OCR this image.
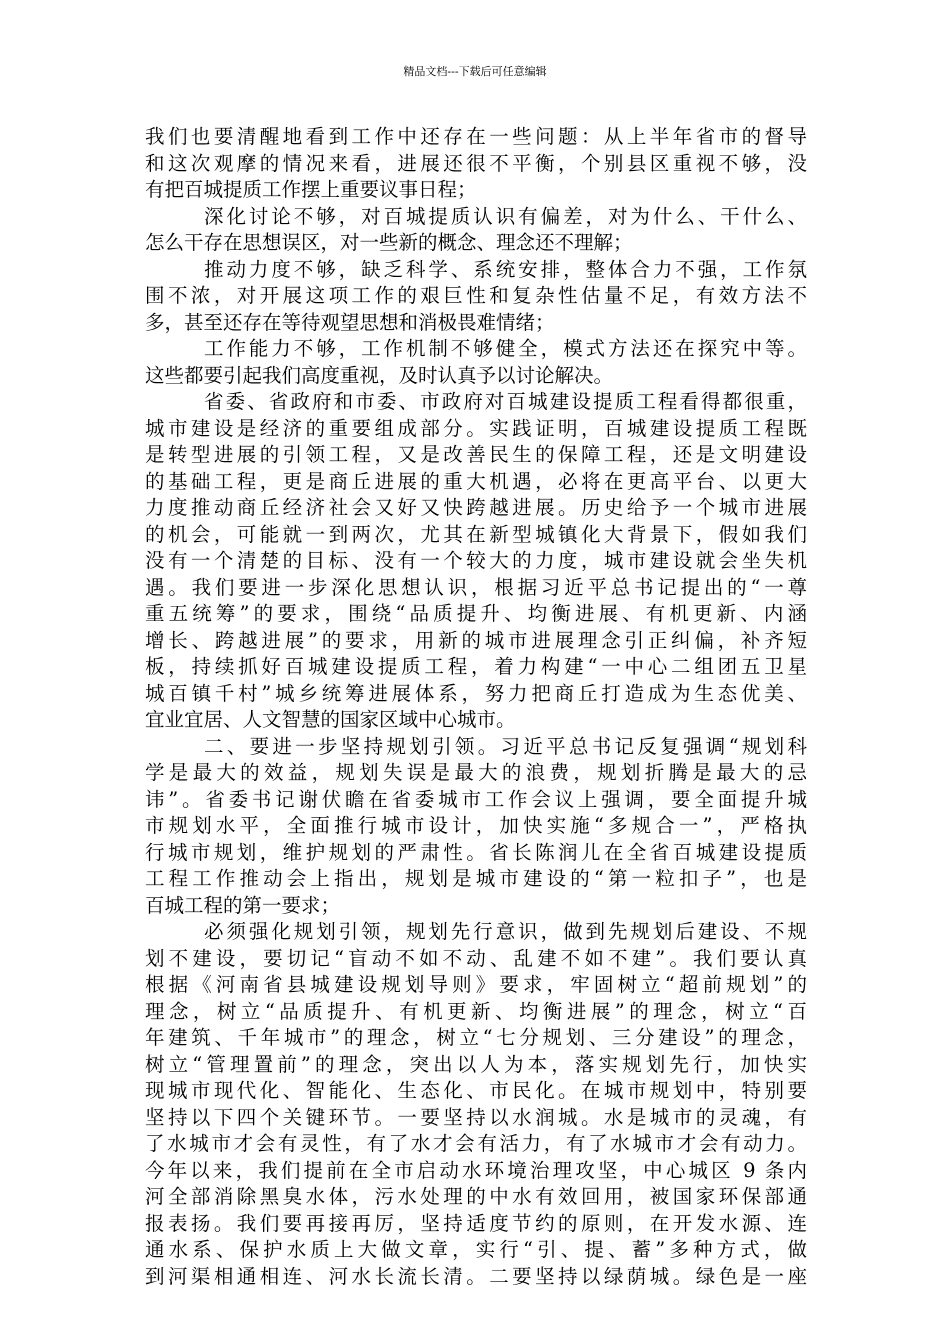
精品文档---下载后可任意编辑
我们也要清醒地看到工作中还存在一些问题：从上半年省市的督导
和这次观摩的情况来看，进展还很不平衡，个别县区重视不够，没
有把百城提质工作摆上重要议事日程；
深化讨论不够，对百城提质认识有偏差，对为什么、干什么、
怎么干存在思想误区，对一些新的概念、理念还不理解；
推动力度不够，缺乏科学、系统安排，整体合力不强，工作氛
围不浓，对开展这项工作的艰巨性和复杂性估量不足，有效方法不
多，甚至还存在等待观望思想和消极畏难情绪；
工作能力不够，工作机制不够健全，模式方法还在探究中等。
这些都要引起我们高度重视，及时认真予以讨论解决。
省委、省政府和市委、市政府对百城建设提质工程看得都很重，
城市建设是经济的重要组成部分。实践证明，百城建设提质工程既
是转型进展的引领工程，又是改善民生的保障工程，还是文明建设
的基础工程，更是商丘进展的重大机遇，必将在更高平台、以更大
力度推动商丘经济社会又好又快跨越进展。历史给予一个城市进展
的机会，可能就一到两次，尤其在新型城镇化大背景下，假如我们
没有一个清楚的目标、没有一个较大的力度，城市建设就会坐失机
遇。我们要进一步深化思想认识，根据习近平总书记提出的“一尊
重五统筹”的要求，围绕“品质提升、均衡进展、有机更新、内涵
增长、跨越进展”的要求，用新的城市进展理念引正纠偏，补齐短
板，持续抓好百城建设提质工程，着力构建“一中心二组团五卫星
城百镇千村”城乡统筹进展体系，努力把商丘打造成为生态优美、
宜业宜居、人文智慧的国家区域中心城市。
二、要进一步坚持规划引领。习近平总书记反复强调“规划科
学是最大的效益，规划失误是最大的浪费，规划折腾是最大的忌
讳”。省委书记谢伏瞻在省委城市工作会议上强调，要全面提升城
市规划水平，全面推行城市设计，加快实施“多规合一”，严格执
行城市规划，维护规划的严肃性。省长陈润儿在全省百城建设提质
工程工作推动会上指出，规划是城市建设的“第一粒扣子”，也是
百城工程的第一要求；
必须强化规划引领，规划先行意识，做到先规划后建设、不规
划不建设，要切记“盲动不如不动、乱建不如不建”。我们要认真
根据《河南省县城建设规划导则》要求，牢固树立“超前规划”的
理念，树立“品质提升、有机更新、均衡进展”的理念，树立“百
年建筑、千年城市”的理念，树立“七分规划、三分建设”的理念，
树立“管理置前”的理念，突出以人为本，落实规划先行，加快实
现城市现代化、智能化、生态化、市民化。在城市规划中，特别要
坚持以下四个关键环节。一要坚持以水润城。水是城市的灵魂，有
了水城市才会有灵性，有了水才会有活力，有了水城市才会有动力。
今年以来，我们提前在全市启动水环境治理攻坚，中心城区 9 条内
河全部消除黑臭水体，污水处理的中水有效回用，被国家环保部通
报表扬。我们要再接再厉，坚持适度节约的原则，在开发水源、连
通水系、保护水质上大做文章，实行“引、提、蓄”多种方式，做
到河渠相通相连、河水长流长清。二要坚持以绿荫城。绿色是一座
